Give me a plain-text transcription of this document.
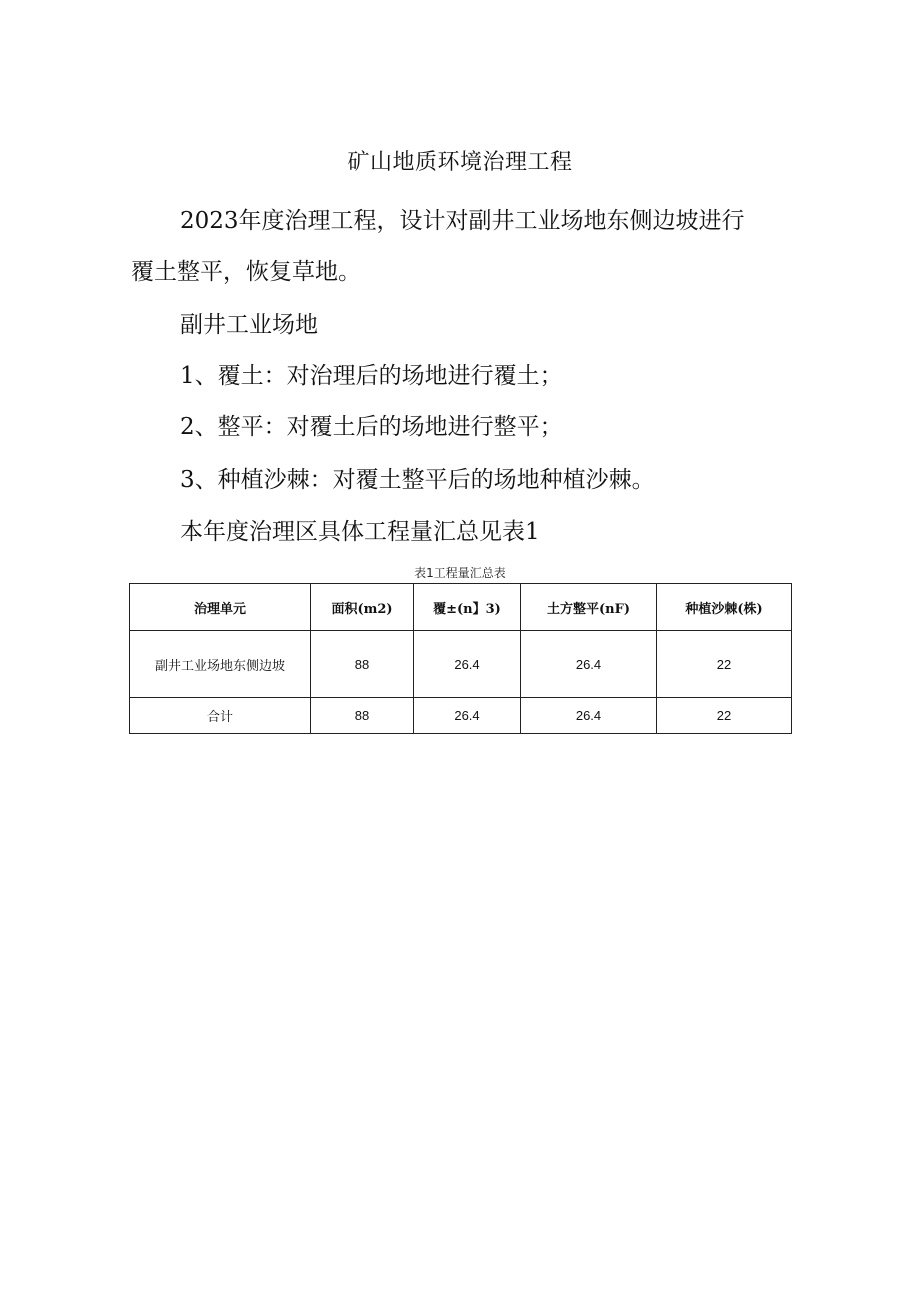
矿山地质环境治理工程
2023年度治理工程，设计对副井工业场地东侧边坡进行
覆土整平，恢复草地。
副井工业场地
1、覆土：对治理后的场地进行覆土；
2、整平：对覆土后的场地进行整平；
3、种植沙棘：对覆土整平后的场地种植沙棘。
本年度治理区具体工程量汇总见表1
表1工程量汇总表
治理单元	面积(m2)	覆±(n】3)	土方整平(nF)	种植沙棘(株)
副井工业场地东侧边坡	88	26.4	26.4	22
合计	88	26.4	26.4	22
